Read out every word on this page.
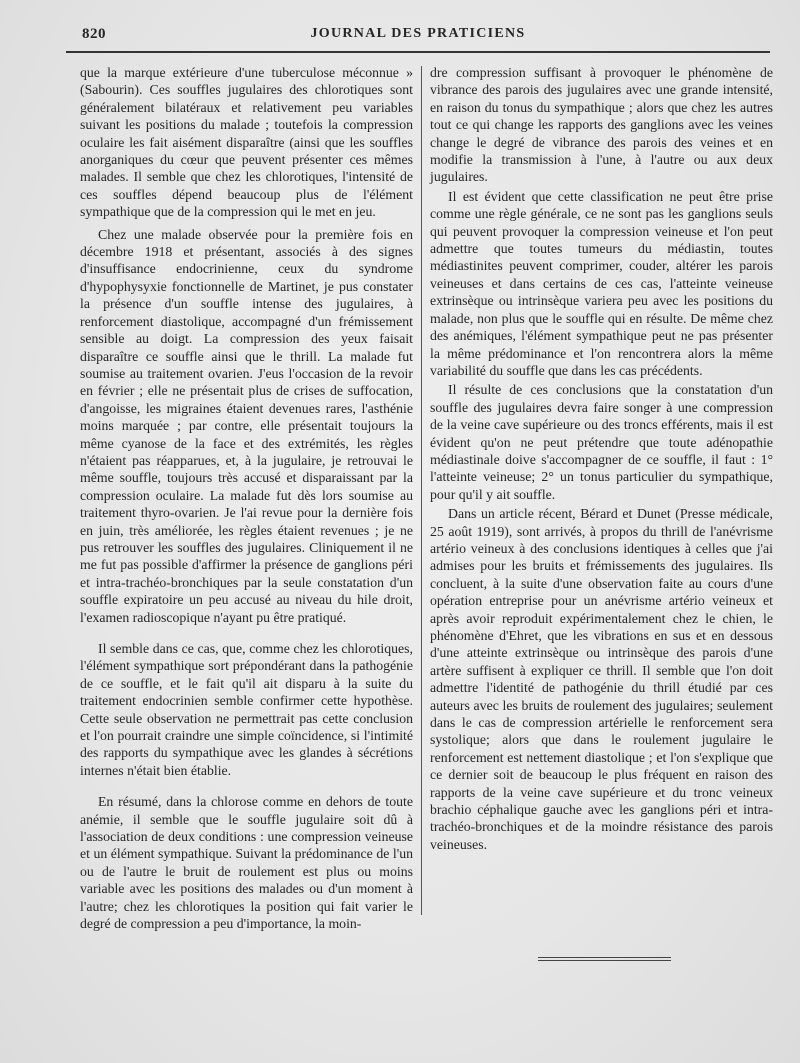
820	JOURNAL DES PRATICIENS

que la marque extérieure d'une tuberculose méconnue » (Sabourin). Ces souffles jugulaires des chlorotiques sont généralement bilatéraux et relativement peu variables suivant les positions du malade ; toutefois la compression oculaire les fait aisément disparaître (ainsi que les souffles anorganiques du cœur que peuvent présenter ces mêmes malades. Il semble que chez les chlorotiques, l'intensité de ces souffles dépend beaucoup plus de l'élément sympathique que de la compression qui le met en jeu.

Chez une malade observée pour la première fois en décembre 1918 et présentant, associés à des signes d'insuffisance endocrinienne, ceux du syndrome d'hypophysyxie fonctionnelle de Martinet, je pus constater la présence d'un souffle intense des jugulaires, à renforcement diastolique, accompagné d'un frémissement sensible au doigt. La compression des yeux faisait disparaître ce souffle ainsi que le thrill. La malade fut soumise au traitement ovarien. J'eus l'occasion de la revoir en février ; elle ne présentait plus de crises de suffocation, d'angoisse, les migraines étaient devenues rares, l'asthénie moins marquée ; par contre, elle présentait toujours la même cyanose de la face et des extrémités, les règles n'étaient pas réapparues, et, à la jugulaire, je retrouvai le même souffle, toujours très accusé et disparaissant par la compression oculaire. La malade fut dès lors soumise au traitement thyro-ovarien. Je l'ai revue pour la dernière fois en juin, très améliorée, les règles étaient revenues ; je ne pus retrouver les souffles des jugulaires. Cliniquement il ne me fut pas possible d'affirmer la présence de ganglions péri et intra-trachéo-bronchiques par la seule constatation d'un souffle expiratoire un peu accusé au niveau du hile droit, l'examen radioscopique n'ayant pu être pratiqué.

Il semble dans ce cas, que, comme chez les chlorotiques, l'élément sympathique sort prépondérant dans la pathogénie de ce souffle, et le fait qu'il ait disparu à la suite du traitement endocrinien semble confirmer cette hypothèse. Cette seule observation ne permettrait pas cette conclusion et l'on pourrait craindre une simple coïncidence, si l'intimité des rapports du sympathique avec les glandes à sécrétions internes n'était bien établie.

En résumé, dans la chlorose comme en dehors de toute anémie, il semble que le souffle jugulaire soit dû à l'association de deux conditions : une compression veineuse et un élément sympathique. Suivant la prédominance de l'un ou de l'autre le bruit de roulement est plus ou moins variable avec les positions des malades ou d'un moment à l'autre; chez les chlorotiques la position qui fait varier le degré de compression a peu d'importance, la moin-

dre compression suffisant à provoquer le phénomène de vibrance des parois des jugulaires avec une grande intensité, en raison du tonus du sympathique ; alors que chez les autres tout ce qui change les rapports des ganglions avec les veines change le degré de vibrance des parois des veines et en modifie la transmission à l'une, à l'autre ou aux deux jugulaires.

Il est évident que cette classification ne peut être prise comme une règle générale, ce ne sont pas les ganglions seuls qui peuvent provoquer la compression veineuse et l'on peut admettre que toutes tumeurs du médiastin, toutes médiastinites peuvent comprimer, couder, altérer les parois veineuses et dans certains de ces cas, l'atteinte veineuse extrinsèque ou intrinsèque variera peu avec les positions du malade, non plus que le souffle qui en résulte. De même chez des anémiques, l'élément sympathique peut ne pas présenter la même prédominance et l'on rencontrera alors la même variabilité du souffle que dans les cas précédents.

Il résulte de ces conclusions que la constatation d'un souffle des jugulaires devra faire songer à une compression de la veine cave supérieure ou des troncs efférents, mais il est évident qu'on ne peut prétendre que toute adénopathie médiastinale doive s'accompagner de ce souffle, il faut : 1° l'atteinte veineuse; 2° un tonus particulier du sympathique, pour qu'il y ait souffle.

Dans un article récent, Bérard et Dunet (Presse médicale, 25 août 1919), sont arrivés, à propos du thrill de l'anévrisme artério veineux à des conclusions identiques à celles que j'ai admises pour les bruits et frémissements des jugulaires. Ils concluent, à la suite d'une observation faite au cours d'une opération entreprise pour un anévrisme artério veineux et après avoir reproduit expérimentalement chez le chien, le phénomène d'Ehret, que les vibrations en sus et en dessous d'une atteinte extrinsèque ou intrinsèque des parois d'une artère suffisent à expliquer ce thrill. Il semble que l'on doit admettre l'identité de pathogénie du thrill étudié par ces auteurs avec les bruits de roulement des jugulaires; seulement dans le cas de compression artérielle le renforcement sera systolique; alors que dans le roulement jugulaire le renforcement est nettement diastolique ; et l'on s'explique que ce dernier soit de beaucoup le plus fréquent en raison des rapports de la veine cave supérieure et du tronc veineux brachio céphalique gauche avec les ganglions péri et intra-trachéo-bronchiques et de la moindre résistance des parois veineuses.
